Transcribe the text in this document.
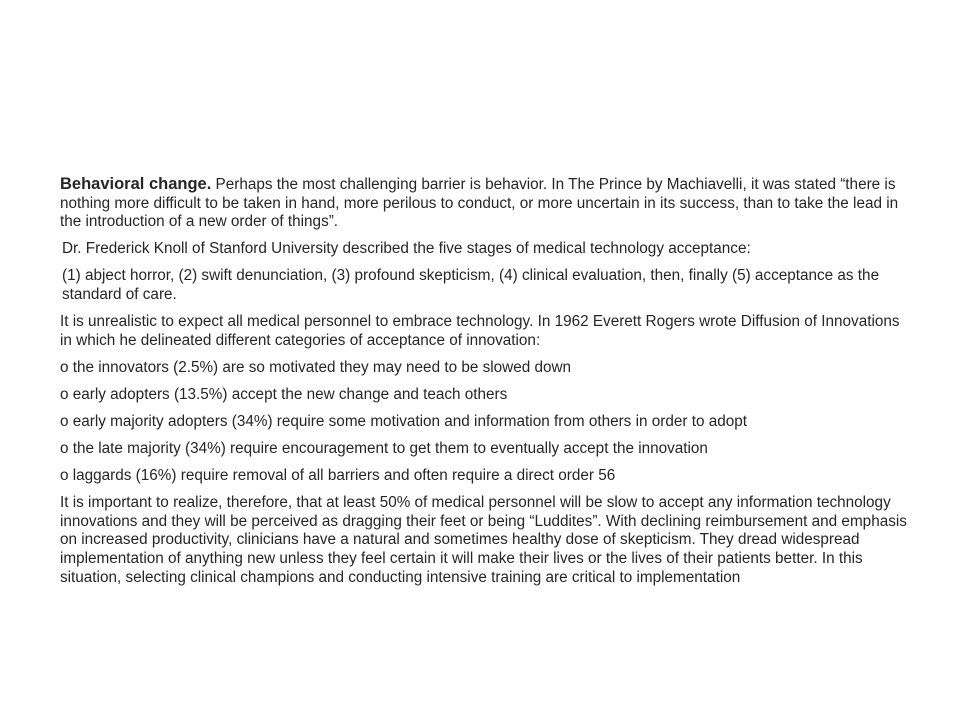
Behavioral change. Perhaps the most challenging barrier is behavior. In The Prince by Machiavelli, it was stated “there is nothing more difficult to be taken in hand, more perilous to conduct, or more uncertain in its success, than to take the lead in the introduction of a new order of things”.

Dr. Frederick Knoll of Stanford University described the five stages of medical technology acceptance:

(1) abject horror, (2) swift denunciation, (3) profound skepticism, (4) clinical evaluation, then, finally (5) acceptance as the standard of care.

It is unrealistic to expect all medical personnel to embrace technology. In 1962 Everett Rogers wrote Diffusion of Innovations in which he delineated different categories of acceptance of innovation:

o the innovators (2.5%) are so motivated they may need to be slowed down

o early adopters (13.5%) accept the new change and teach others

o early majority adopters (34%) require some motivation and information from others in order to adopt

o the late majority (34%) require encouragement to get them to eventually accept the innovation

o laggards (16%) require removal of all barriers and often require a direct order 56

It is important to realize, therefore, that at least 50% of medical personnel will be slow to accept any information technology innovations and they will be perceived as dragging their feet or being “Luddites”. With declining reimbursement and emphasis on increased productivity, clinicians have a natural and sometimes healthy dose of skepticism. They dread widespread implementation of anything new unless they feel certain it will make their lives or the lives of their patients better. In this situation, selecting clinical champions and conducting intensive training are critical to implementation
